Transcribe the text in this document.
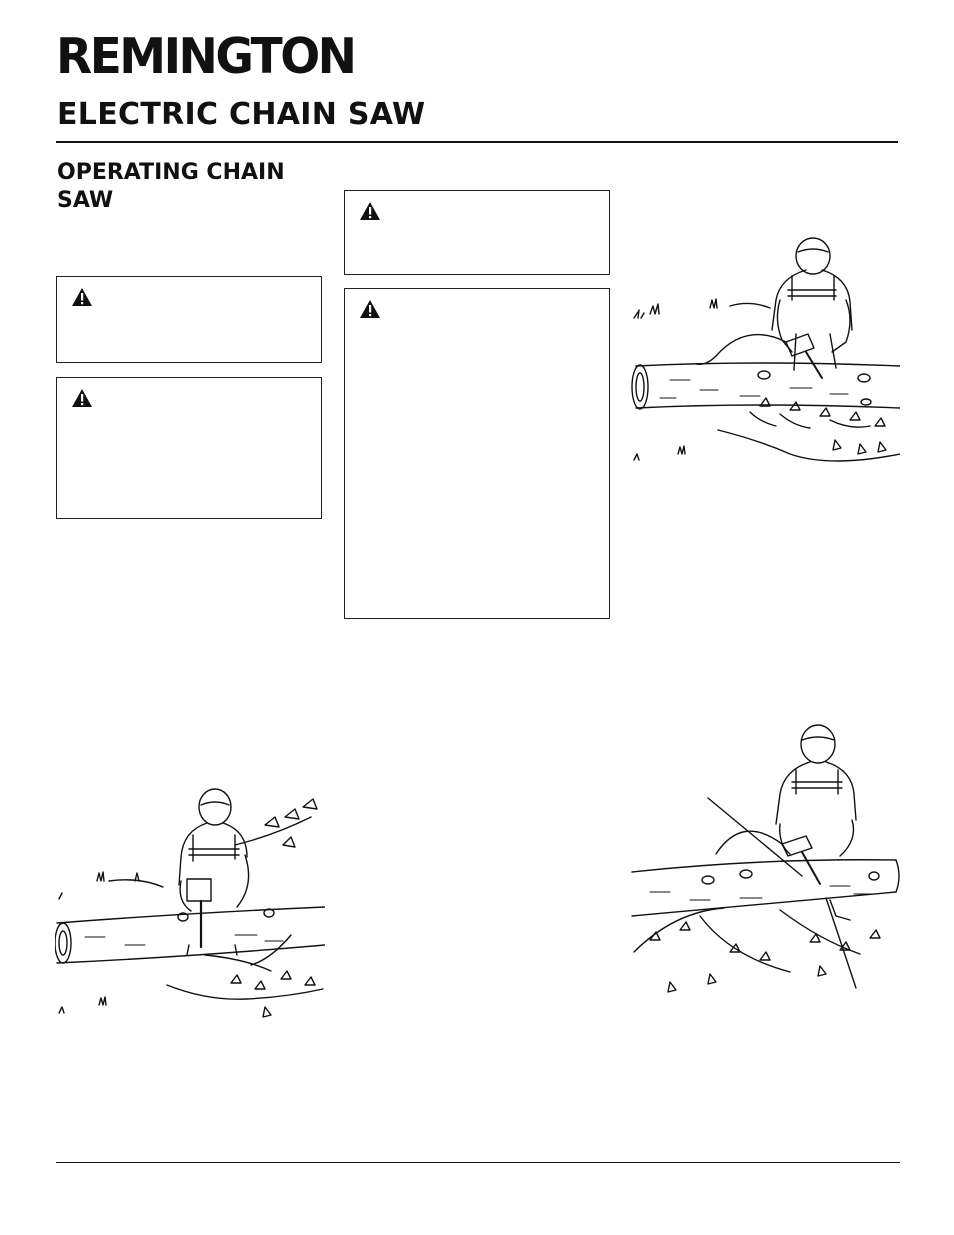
REMINGTON
ELECTRIC CHAIN SAW
OPERATING CHAIN SAW
